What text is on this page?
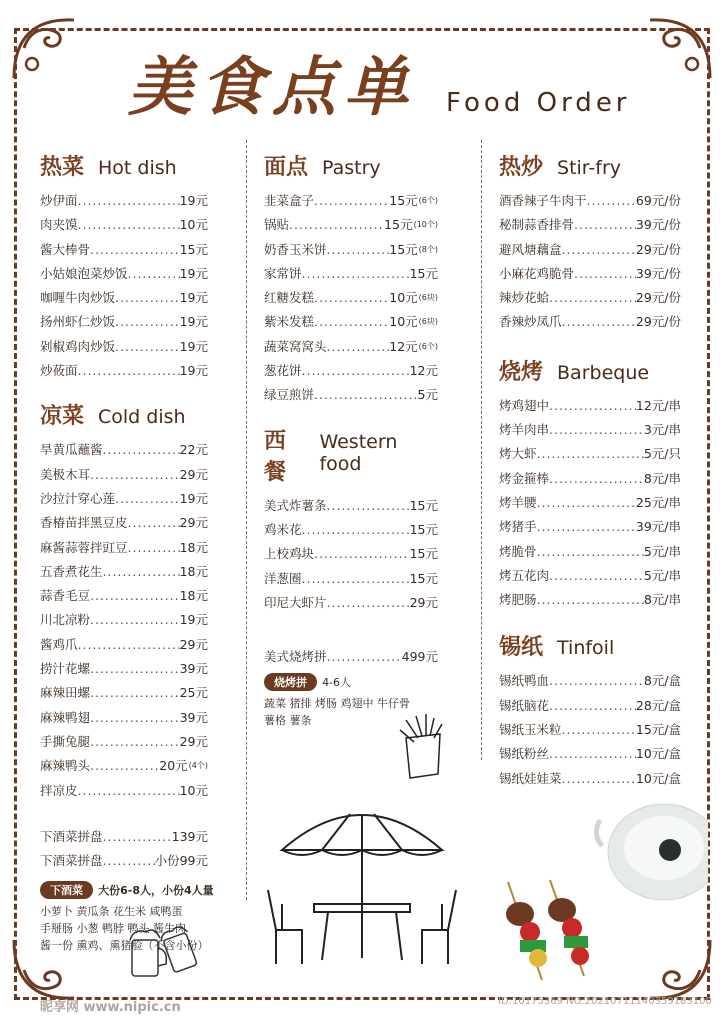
美食点单 Food Order
热菜 Hot dish
炒伊面 .....	19元
肉夹馍 .....	10元
酱大棒骨 .....	15元
小姑娘泡菜炒饭 .....	19元
咖喱牛肉炒饭 .....	19元
扬州虾仁炒饭 .....	19元
剁椒鸡肉炒饭 .....	19元
炒莜面 .....	19元
凉菜 Cold dish
旱黄瓜蘸酱 .....	22元
美极木耳 .....	29元
沙拉汁穿心莲 .....	19元
香椿苗拌黑豆皮 .....	29元
麻酱蒜蓉拌豇豆 .....	18元
五香煮花生 .....	18元
蒜香毛豆 .....	18元
川北凉粉 .....	19元
酱鸡爪 .....	29元
捞汁花螺 .....	39元
麻辣田螺 .....	25元
麻辣鸭翅 .....	39元
手撕兔腿 .....	29元
麻辣鸭头 .....	20元 (4个)
拌凉皮 .....	10元
下酒菜拼盘 .....	139元
下酒菜拼盘 .....	小份99元
下酒菜 大份6-8人，小份4人量
小萝卜 黄瓜条 花生米 咸鸭蛋
手掰肠 小葱 鸭脖 鸭头 酱牛肉
酱一份 熏鸡、熏猪脸（不含小份）
面点 Pastry
韭菜盒子 .....	15元 (6个)
锅贴 .....	15元 (10个)
奶香玉米饼 .....	15元 (8个)
家常饼 .....	15元
红糖发糕 .....	10元 (6块)
紫米发糕 .....	10元 (6块)
蔬菜窝窝头 .....	12元 (6个)
葱花饼 .....	12元
绿豆煎饼 .....	5元
西餐
Western food
美式炸薯条 .....	15元
鸡米花 .....	15元
上校鸡块 .....	15元
洋葱圈 .....	15元
印尼大虾片 .....	29元
美式烧烤拼 .....	499元
烧烤拼 4-6人
蔬菜 猪排 烤肠 鸡翅中 牛仔骨
薯格 薯条
热炒 Stir-fry
酒香辣子牛肉干 .....	69元/份
秘制蒜香排骨 .....	39元/份
避风塘藕盒 .....	29元/份
小麻花鸡脆骨 .....	39元/份
辣炒花蛤 .....	29元/份
香辣炒凤爪 .....	29元/份
烧烤 Barbeque
烤鸡翅中 .....	12元/串
烤羊肉串 .....	3元/串
烤大虾 .....	5元/只
烤金箍棒 .....	8元/串
烤羊腰 .....	25元/串
烤猪手 .....	39元/串
烤脆骨 .....	5元/串
烤五花肉 .....	5元/串
烤肥肠 .....	8元/串
锡纸 Tinfoil
锡纸鸭血 .....	8元/盒
锡纸脑花 .....	28元/盒
锡纸玉米粒 .....	15元/盒
锡纸粉丝 .....	10元/盒
锡纸娃娃菜 .....	10元/盒
昵享网 www.nipic.cn	ID:10175369 NO:20210711140359183100
